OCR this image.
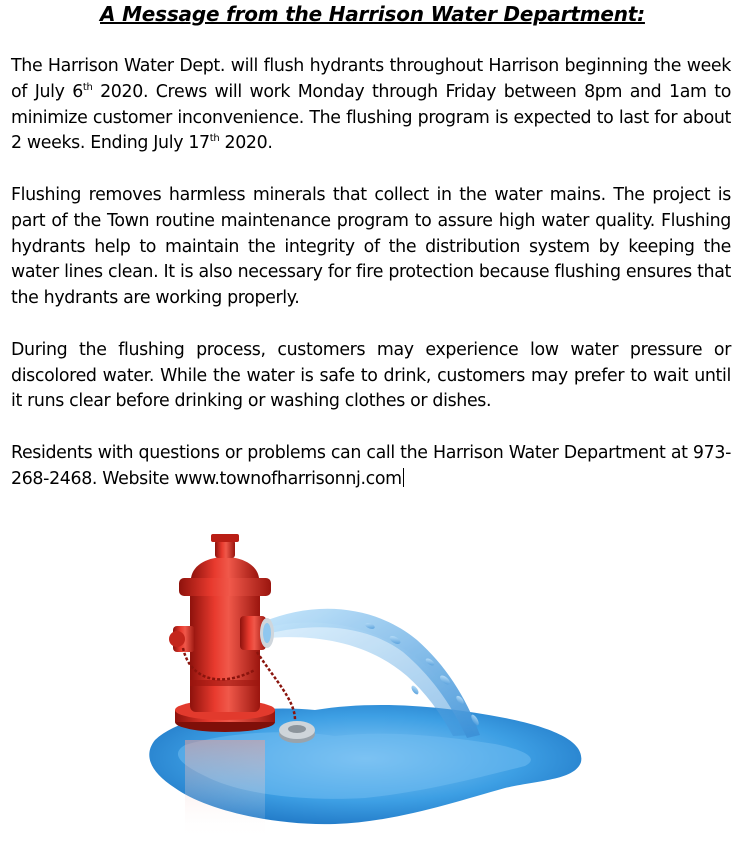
A Message from the Harrison Water Department:

The Harrison Water Dept. will flush hydrants throughout Harrison beginning the week of July 6th 2020. Crews will work Monday through Friday between 8pm and 1am to minimize customer inconvenience. The flushing program is expected to last for about 2 weeks. Ending July 17th 2020.

Flushing removes harmless minerals that collect in the water mains. The project is part of the Town routine maintenance program to assure high water quality. Flushing hydrants help to maintain the integrity of the distribution system by keeping the water lines clean. It is also necessary for fire protection because flushing ensures that the hydrants are working properly.

During the flushing process, customers may experience low water pressure or discolored water. While the water is safe to drink, customers may prefer to wait until it runs clear before drinking or washing clothes or dishes.

Residents with questions or problems can call the Harrison Water Department at 973-268-2468. Website www.townofharrisonnj.com
